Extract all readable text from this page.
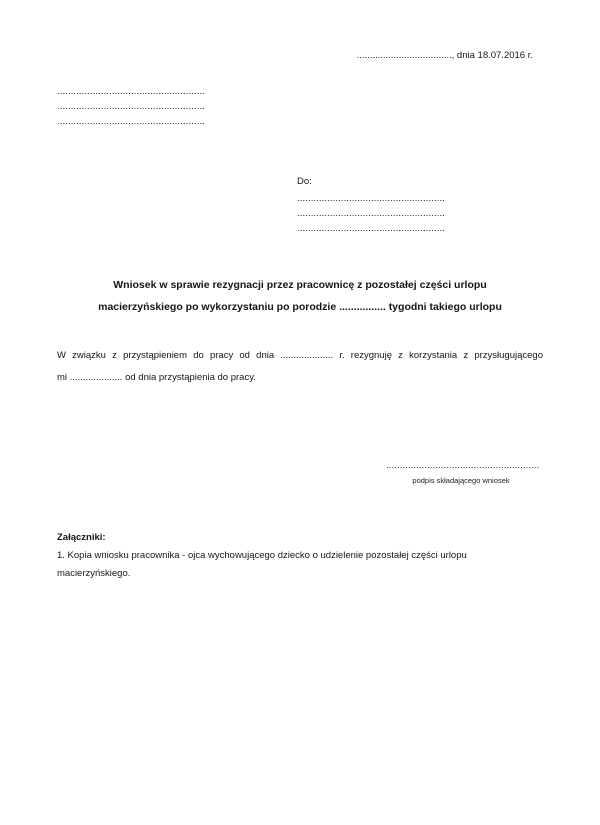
...................................., dnia 18.07.2016 r.
......................................................
......................................................
......................................................
Do:
......................................................
......................................................
......................................................
Wniosek w sprawie rezygnacji przez pracownicę z pozostałej części urlopu
macierzyńskiego po wykorzystaniu po porodzie ................ tygodni takiego urlopu
W związku z przystąpieniem do pracy od dnia .................... r. rezygnuję z korzystania z przysługującego
mi .................... od dnia przystąpienia do pracy.
........................................................
podpis składającego wniosek
Załączniki:
1. Kopia wniosku pracownika - ojca wychowującego dziecko o udzielenie pozostałej części urlopu macierzyńskiego.
